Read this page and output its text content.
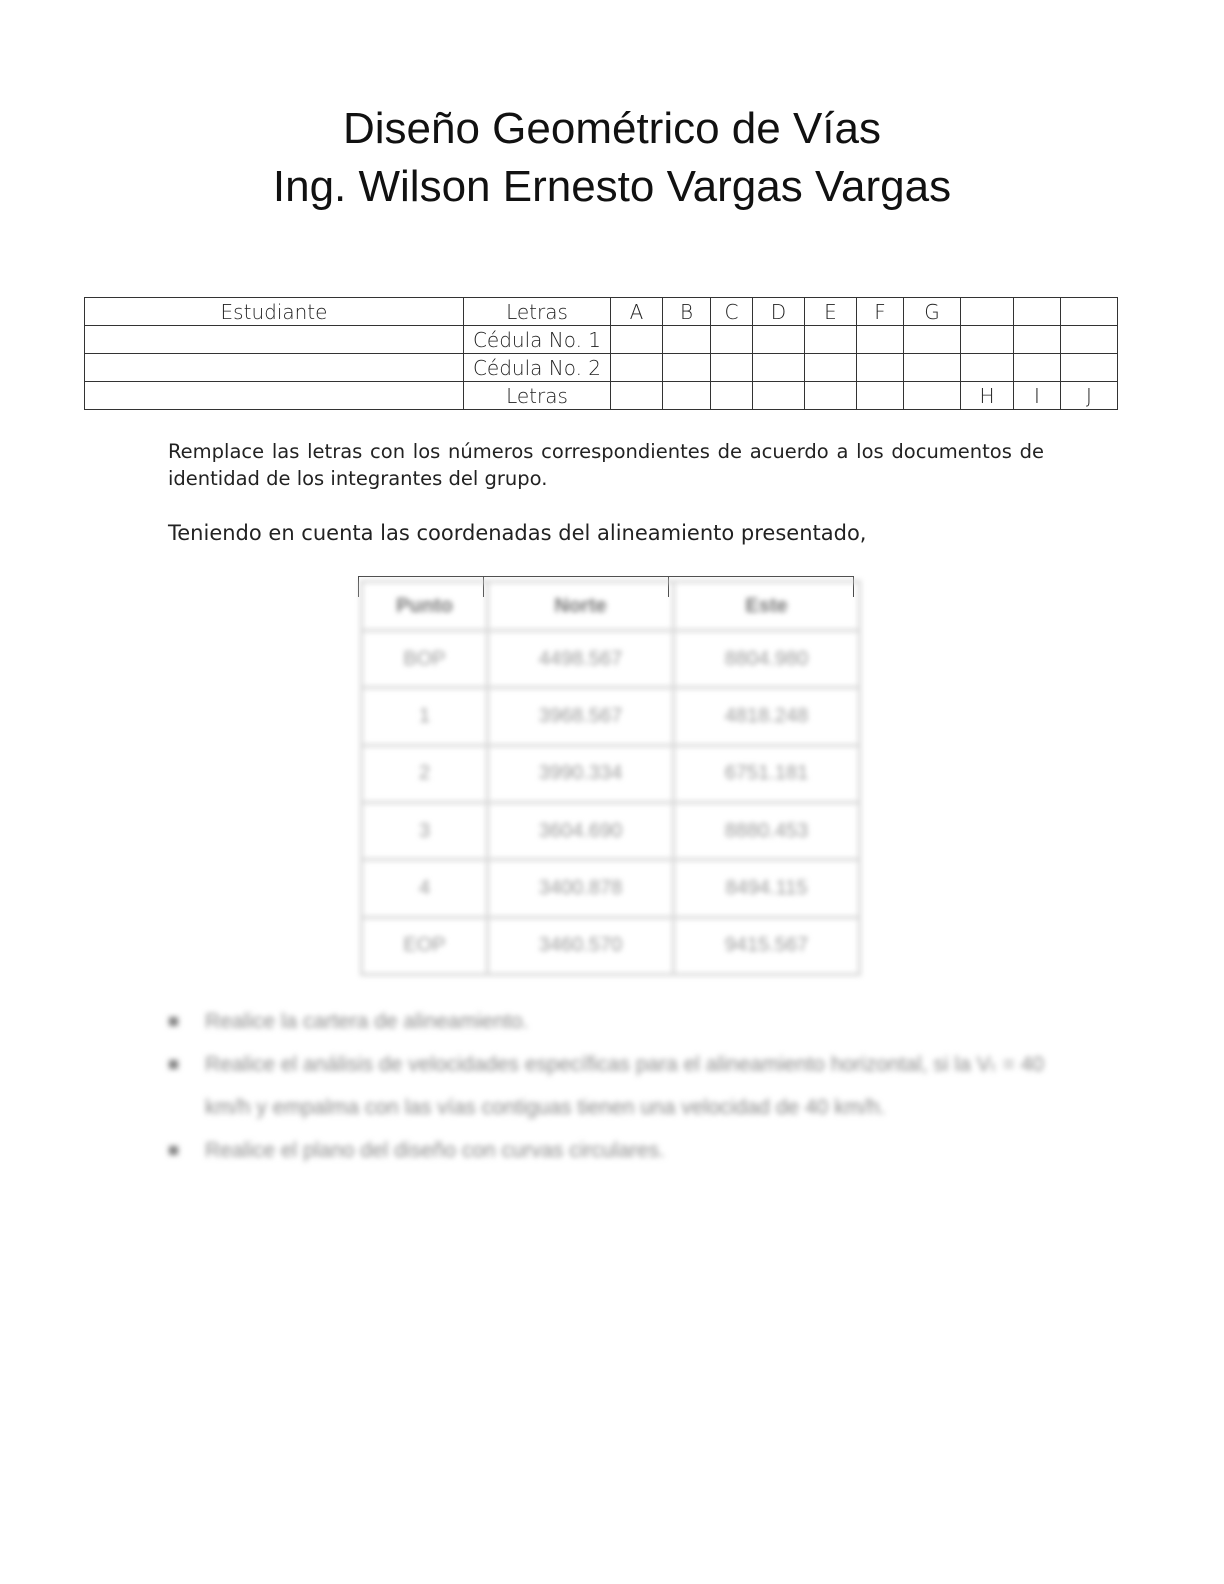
Diseño Geométrico de Vías
Ing. Wilson Ernesto Vargas Vargas
Estudiante	Letras	A	B	C	D	E	F	G			
	Cédula No. 1										
	Cédula No. 2										
	Letras								H	I	J
Remplace las letras con los números correspondientes de acuerdo a los documentos de identidad de los integrantes del grupo.
Teniendo en cuenta las coordenadas del alineamiento presentado,
Punto	Norte	Este
BOP	4498.567	8804.980
1	3968.567	4818.248
2	3990.334	6751.181
3	3604.690	8880.453
4	3400.878	8494.115
EOP	3460.570	9415.567
Realice la cartera de alineamiento.
Realice el análisis de velocidades específicas para el alineamiento horizontal, si la Vₜ = 40 km/h y empalma con las vías contiguas tienen una velocidad de 40 km/h.
Realice el plano del diseño con curvas circulares.
